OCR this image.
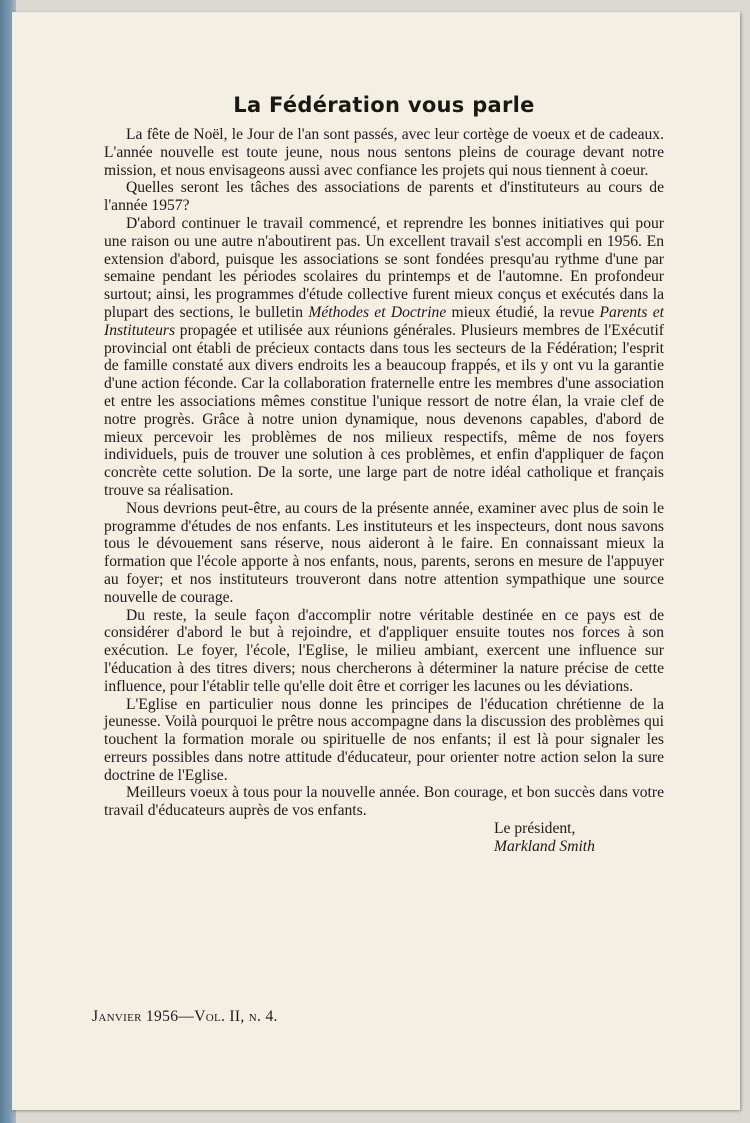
La Fédération vous parle

La fête de Noël, le Jour de l'an sont passés, avec leur cortège de voeux et de cadeaux. L'année nouvelle est toute jeune, nous nous sentons pleins de courage devant notre mission, et nous envisageons aussi avec confiance les projets qui nous tiennent à coeur.

Quelles seront les tâches des associations de parents et d'instituteurs au cours de l'année 1957?

D'abord continuer le travail commencé, et reprendre les bonnes initiatives qui pour une raison ou une autre n'aboutirent pas. Un excellent travail s'est accompli en 1956. En extension d'abord, puisque les associations se sont fondées presqu'au rythme d'une par semaine pendant les périodes scolaires du printemps et de l'automne. En profondeur surtout; ainsi, les programmes d'étude collective furent mieux conçus et exécutés dans la plupart des sections, le bulletin Méthodes et Doctrine mieux étudié, la revue Parents et Instituteurs propagée et utilisée aux réunions générales. Plusieurs membres de l'Exécutif provincial ont établi de précieux contacts dans tous les secteurs de la Fédération; l'esprit de famille constaté aux divers endroits les a beaucoup frappés, et ils y ont vu la garantie d'une action féconde. Car la collaboration fraternelle entre les membres d'une association et entre les associations mêmes constitue l'unique ressort de notre élan, la vraie clef de notre progrès. Grâce à notre union dynamique, nous devenons capables, d'abord de mieux percevoir les problèmes de nos milieux respectifs, même de nos foyers individuels, puis de trouver une solution à ces problèmes, et enfin d'appliquer de façon concrète cette solution. De la sorte, une large part de notre idéal catholique et français trouve sa réalisation.

Nous devrions peut-être, au cours de la présente année, examiner avec plus de soin le programme d'études de nos enfants. Les instituteurs et les inspecteurs, dont nous savons tous le dévouement sans réserve, nous aideront à le faire. En connaissant mieux la formation que l'école apporte à nos enfants, nous, parents, serons en mesure de l'appuyer au foyer; et nos instituteurs trouveront dans notre attention sympathique une source nouvelle de courage.

Du reste, la seule façon d'accomplir notre véritable destinée en ce pays est de considérer d'abord le but à rejoindre, et d'appliquer ensuite toutes nos forces à son exécution. Le foyer, l'école, l'Eglise, le milieu ambiant, exercent une influence sur l'éducation à des titres divers; nous chercherons à déterminer la nature précise de cette influence, pour l'établir telle qu'elle doit être et corriger les lacunes ou les déviations.

L'Eglise en particulier nous donne les principes de l'éducation chrétienne de la jeunesse. Voilà pourquoi le prêtre nous accompagne dans la discussion des problèmes qui touchent la formation morale ou spirituelle de nos enfants; il est là pour signaler les erreurs possibles dans notre attitude d'éducateur, pour orienter notre action selon la sure doctrine de l'Eglise.

Meilleurs voeux à tous pour la nouvelle année. Bon courage, et bon succès dans votre travail d'éducateurs auprès de vos enfants.

Le président,
Markland Smith
Janvier 1956—Vol. II, n. 4.
